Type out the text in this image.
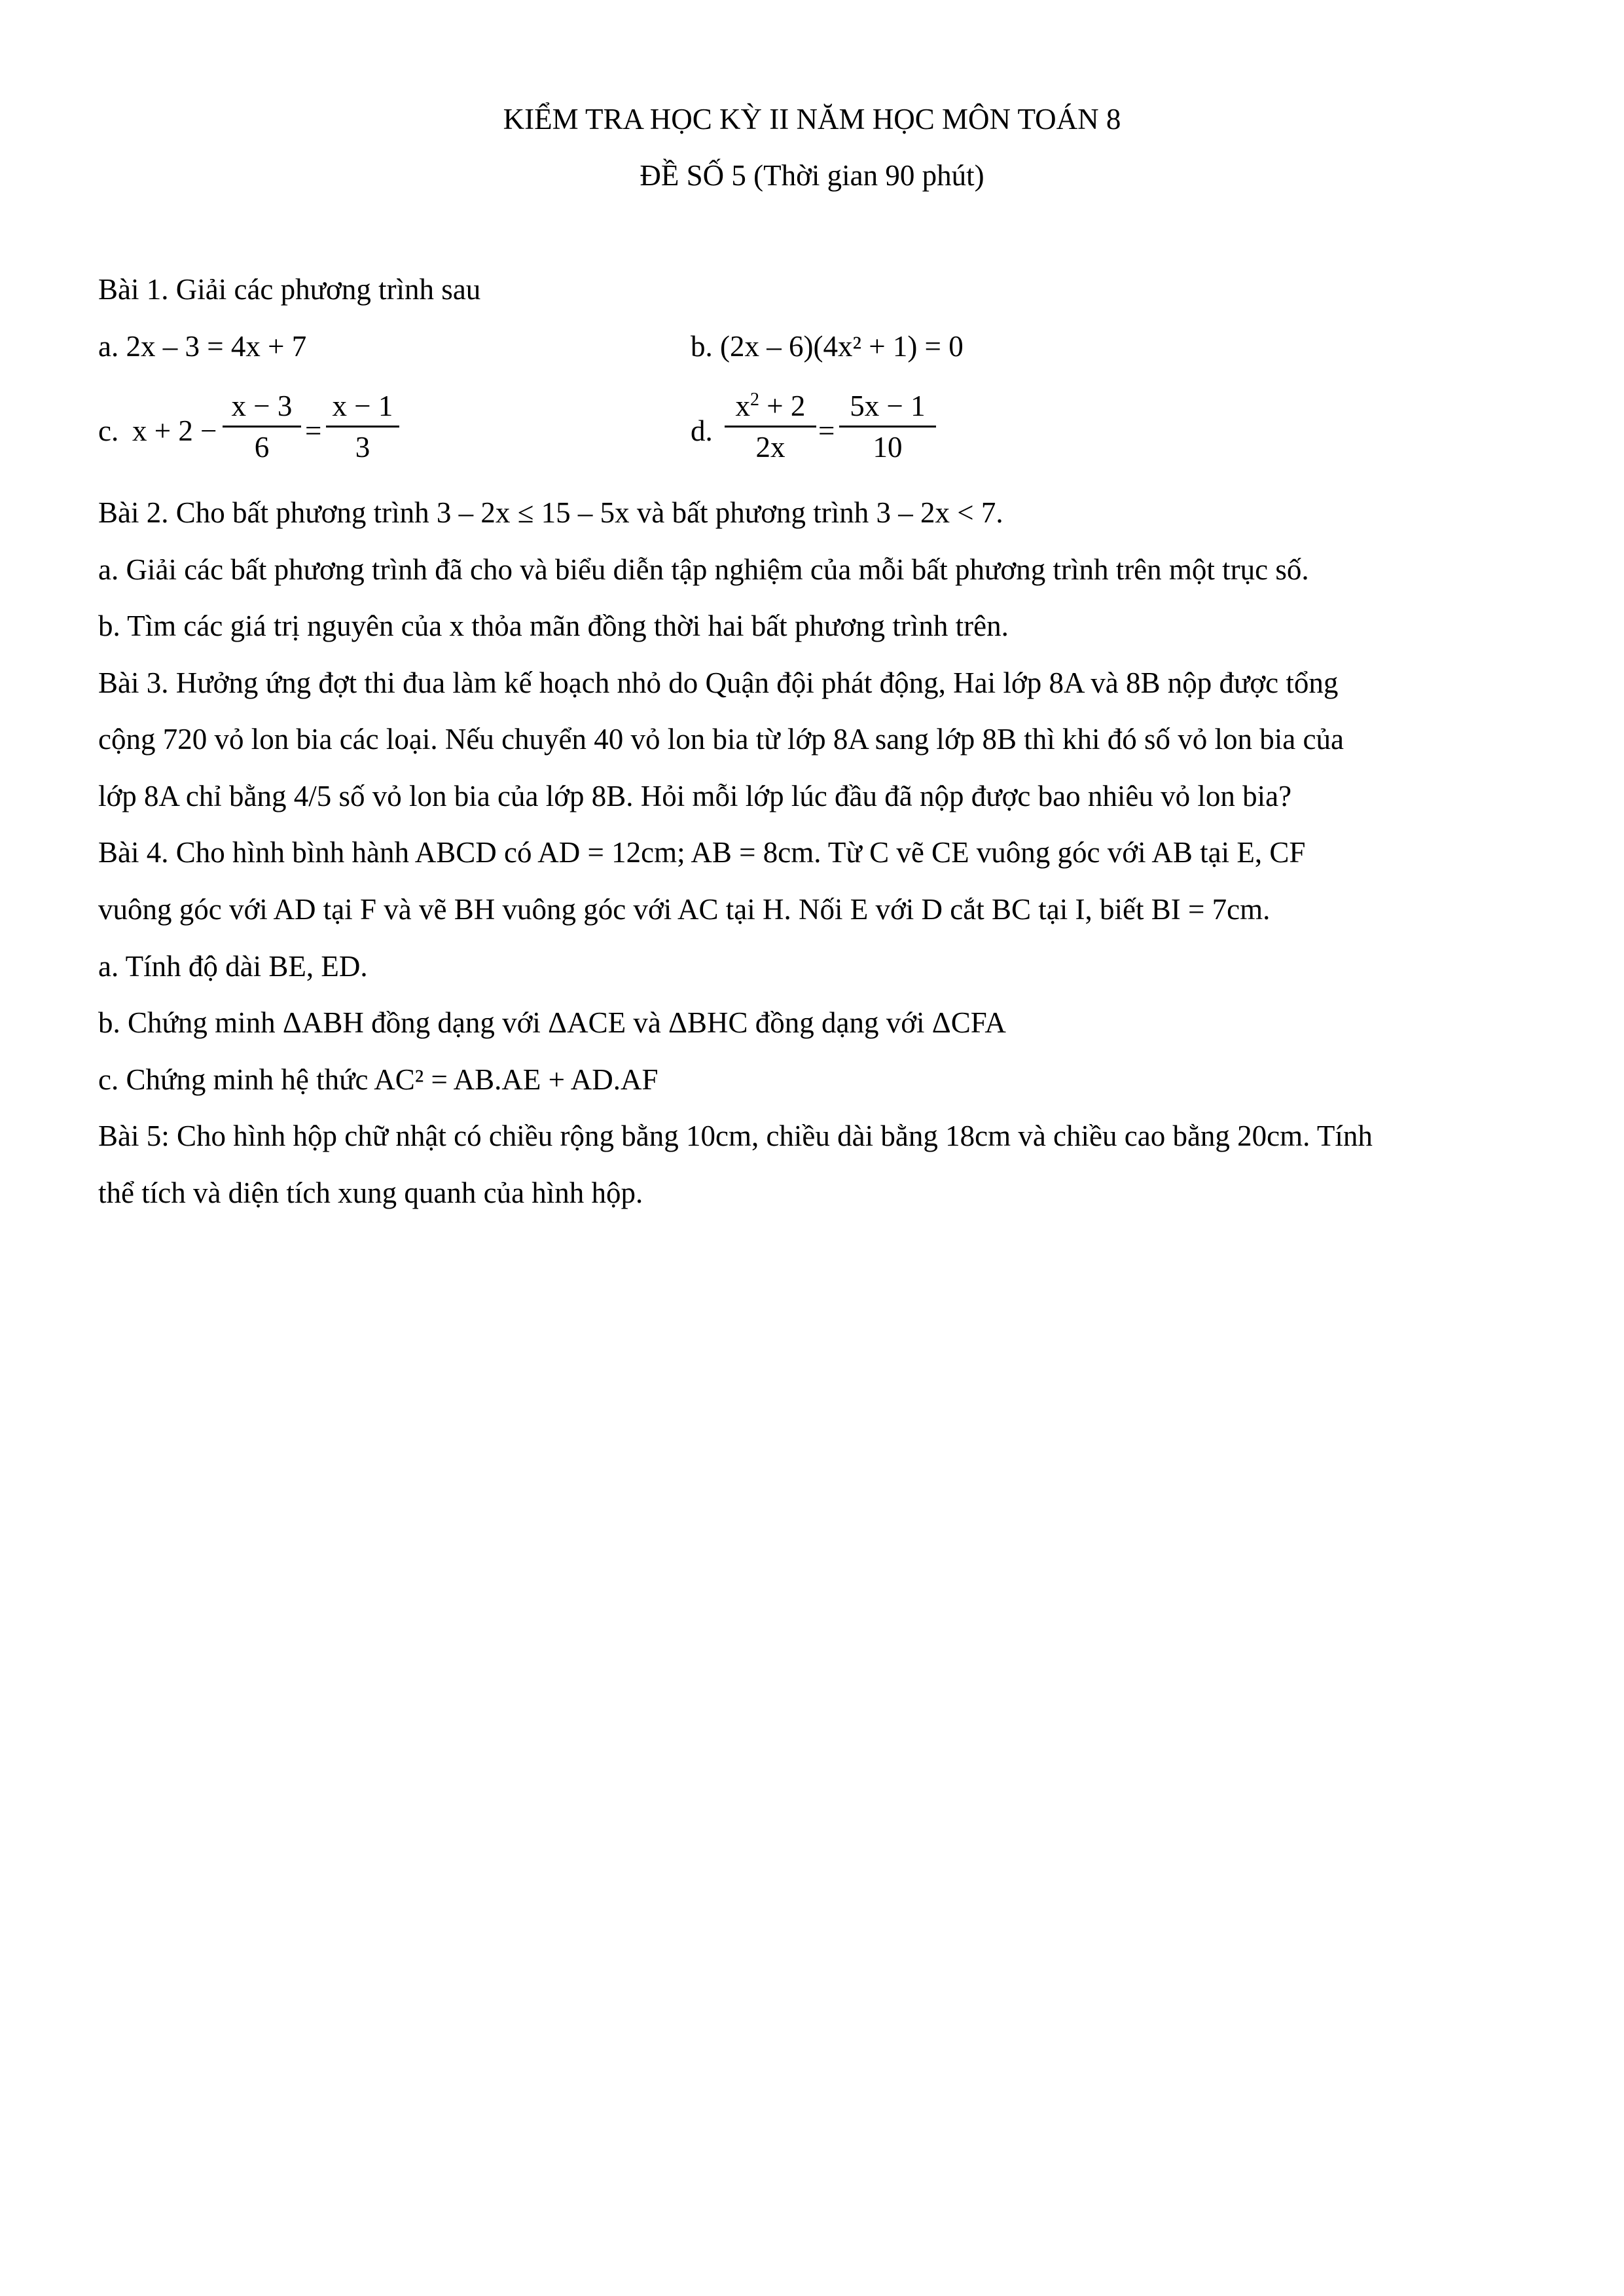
KIỂM TRA HỌC KỲ II NĂM HỌC MÔN TOÁN 8
ĐỀ SỐ 5 (Thời gian 90 phút)
Bài 1. Giải các phương trình sau
a. 2x – 3 = 4x + 7	b. (2x – 6)(4x² + 1) = 0
c. x + 2 −
x − 3
6	=
x − 1
3	d.
$x^2 + 2$
2x	=
5x − 1
10
Bài 2. Cho bất phương trình 3 – 2x ≤ 15 – 5x và bất phương trình 3 – 2x < 7.
a. Giải các bất phương trình đã cho và biểu diễn tập nghiệm của mỗi bất phương trình trên một trục số.
b. Tìm các giá trị nguyên của x thỏa mãn đồng thời hai bất phương trình trên.
Bài 3. Hưởng ứng đợt thi đua làm kế hoạch nhỏ do Quận đội phát động, Hai lớp 8A và 8B nộp được tổng
cộng 720 vỏ lon bia các loại. Nếu chuyển 40 vỏ lon bia từ lớp 8A sang lớp 8B thì khi đó số vỏ lon bia của
lớp 8A chỉ bằng 4/5 số vỏ lon bia của lớp 8B. Hỏi mỗi lớp lúc đầu đã nộp được bao nhiêu vỏ lon bia?
Bài 4. Cho hình bình hành ABCD có AD = 12cm; AB = 8cm. Từ C vẽ CE vuông góc với AB tại E, CF
vuông góc với AD tại F và vẽ BH vuông góc với AC tại H. Nối E với D cắt BC tại I, biết BI = 7cm.
a. Tính độ dài BE, ED.
b. Chứng minh ΔABH đồng dạng với ΔACE và ΔBHC đồng dạng với ΔCFA
c. Chứng minh hệ thức AC² = AB.AE + AD.AF
Bài 5: Cho hình hộp chữ nhật có chiều rộng bằng 10cm, chiều dài bằng 18cm và chiều cao bằng 20cm. Tính
thể tích và diện tích xung quanh của hình hộp.
